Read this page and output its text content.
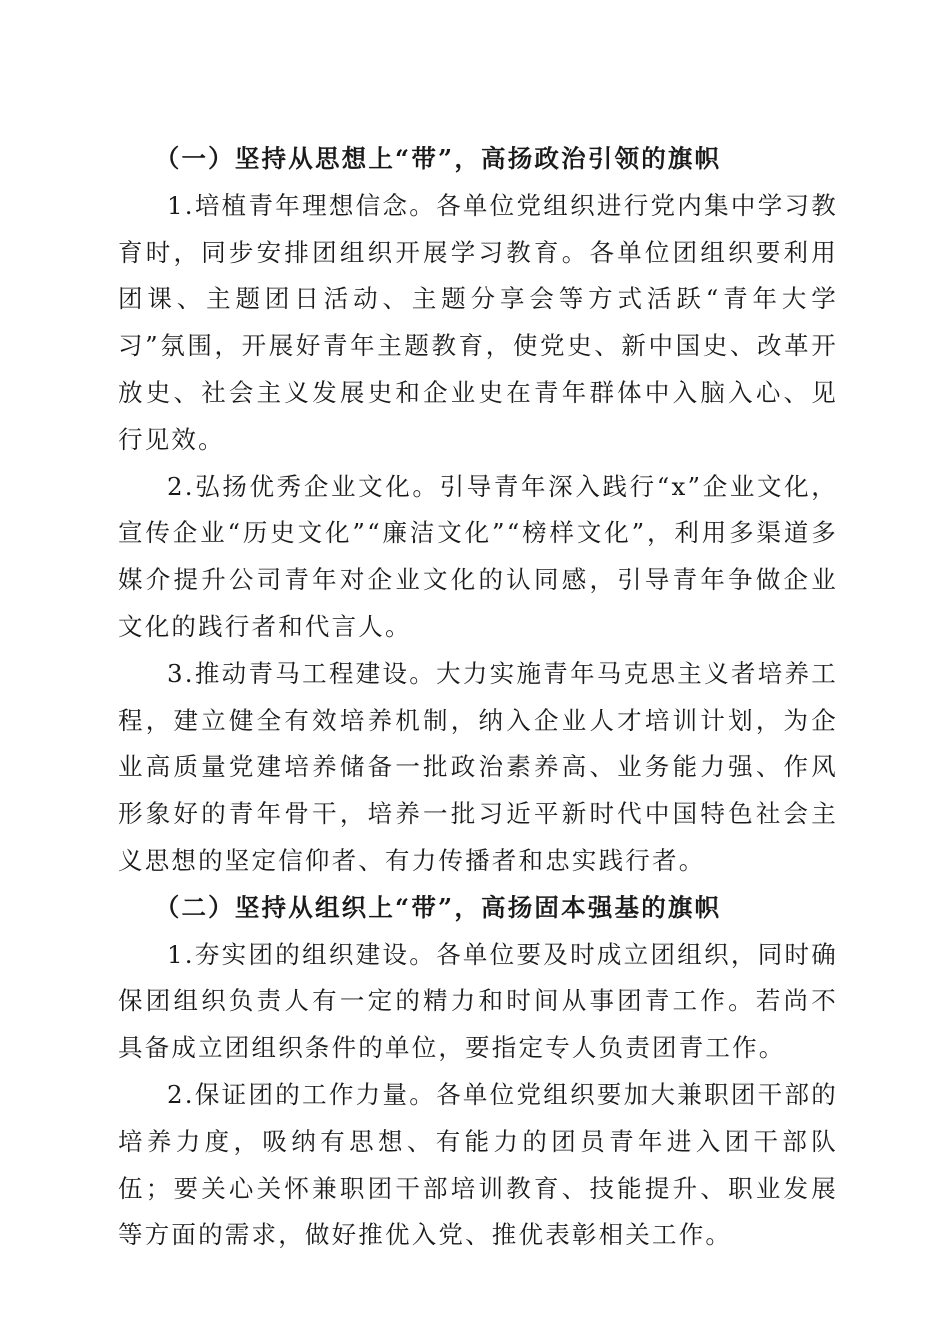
（一）坚持从思想上“带”，高扬政治引领的旗帜

1.培植青年理想信念。各单位党组织进行党内集中学习教育时，同步安排团组织开展学习教育。各单位团组织要利用团课、主题团日活动、主题分享会等方式活跃“青年大学习”氛围，开展好青年主题教育，使党史、新中国史、改革开放史、社会主义发展史和企业史在青年群体中入脑入心、见行见效。

2.弘扬优秀企业文化。引导青年深入践行“x”企业文化，宣传企业“历史文化”“廉洁文化”“榜样文化”，利用多渠道多媒介提升公司青年对企业文化的认同感，引导青年争做企业文化的践行者和代言人。

3.推动青马工程建设。大力实施青年马克思主义者培养工程，建立健全有效培养机制，纳入企业人才培训计划，为企业高质量党建培养储备一批政治素养高、业务能力强、作风形象好的青年骨干，培养一批习近平新时代中国特色社会主义思想的坚定信仰者、有力传播者和忠实践行者。

（二）坚持从组织上“带”，高扬固本强基的旗帜

1.夯实团的组织建设。各单位要及时成立团组织，同时确保团组织负责人有一定的精力和时间从事团青工作。若尚不具备成立团组织条件的单位，要指定专人负责团青工作。

2.保证团的工作力量。各单位党组织要加大兼职团干部的培养力度，吸纳有思想、有能力的团员青年进入团干部队伍；要关心关怀兼职团干部培训教育、技能提升、职业发展等方面的需求，做好推优入党、推优表彰相关工作。
